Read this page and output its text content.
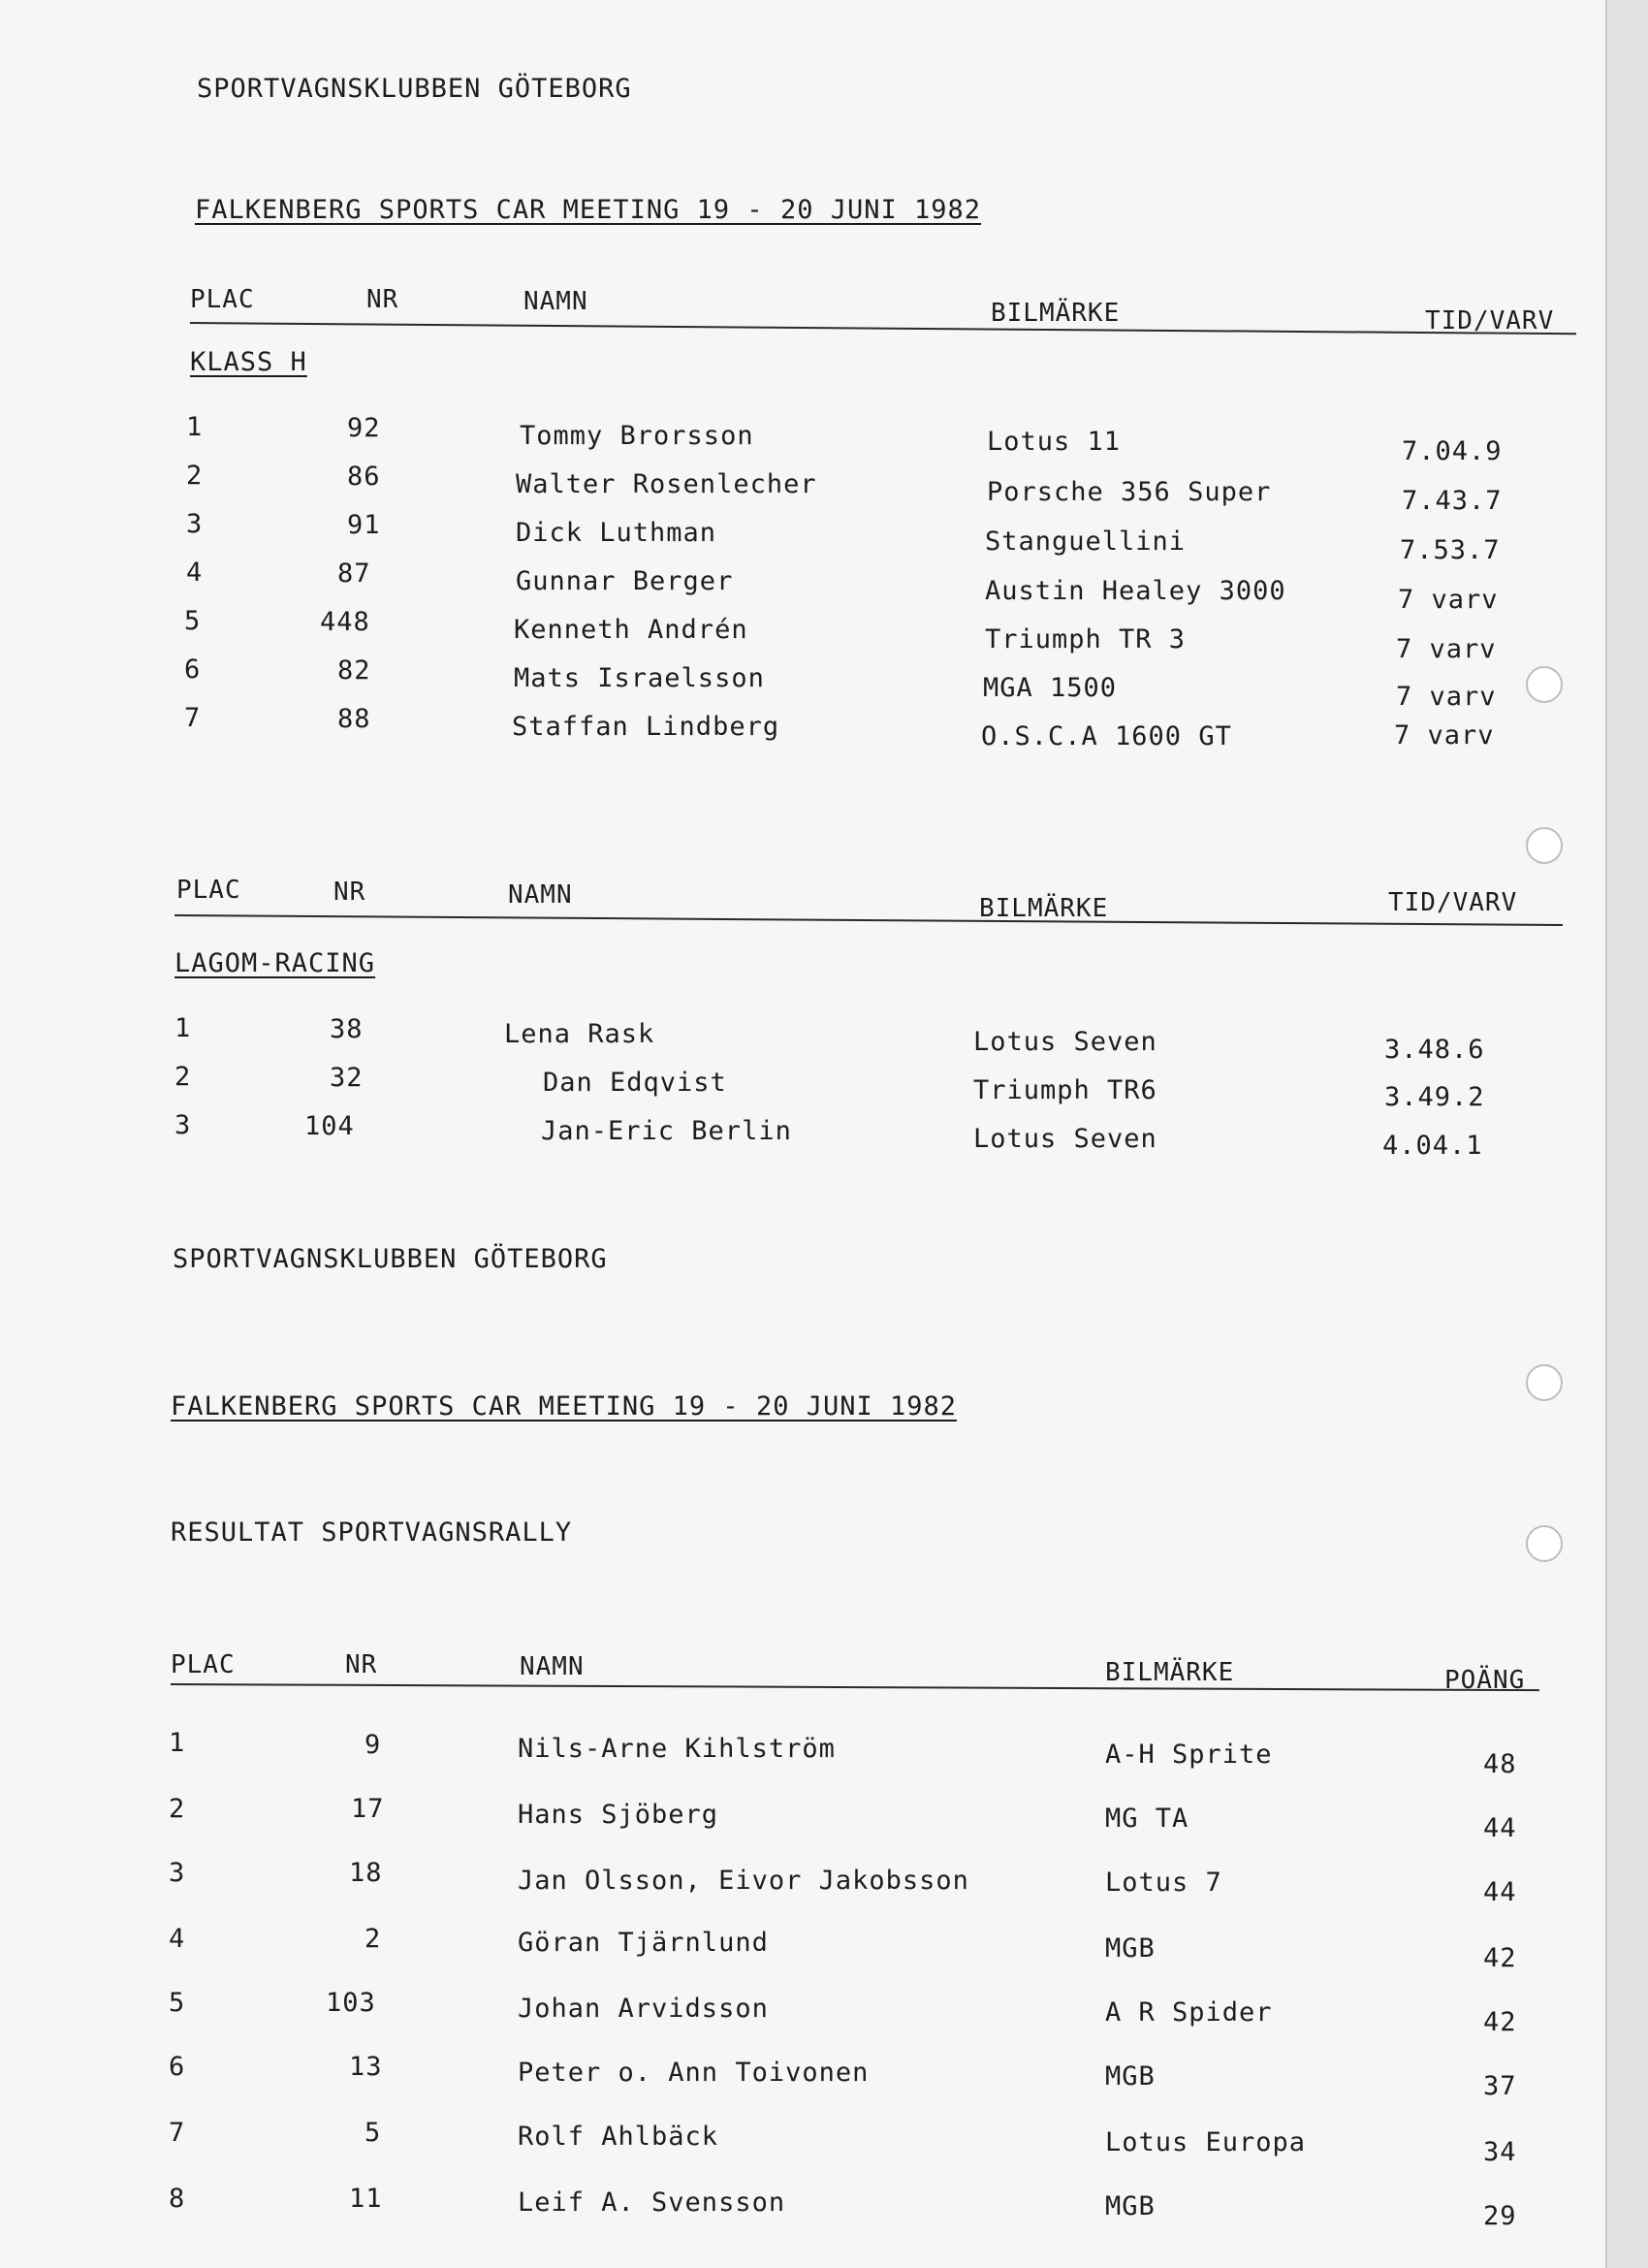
SPORTVAGNSKLUBBEN GÖTEBORG
FALKENBERG SPORTS CAR MEETING 19 - 20 JUNI 1982
PLAC	NR	NAMN	BILMÄRKE	TID/VARV
KLASS H
1	92	Tommy Brorsson	Lotus 11	7.04.9
2	86	Walter Rosenlecher	Porsche 356 Super	7.43.7
3	91	Dick Luthman	Stanguellini	7.53.7
4	87	Gunnar Berger	Austin Healey 3000	7 varv
5	448	Kenneth Andrén	Triumph TR 3	7 varv
6	82	Mats Israelsson	MGA 1500	7 varv
7	88	Staffan Lindberg	O.S.C.A 1600 GT	7 varv
PLAC	NR	NAMN	BILMÄRKE	TID/VARV
LAGOM-RACING
1	38	Lena Rask	Lotus Seven	3.48.6
2	32	Dan Edqvist	Triumph TR6	3.49.2
3	104	Jan-Eric Berlin	Lotus Seven	4.04.1
SPORTVAGNSKLUBBEN GÖTEBORG
FALKENBERG SPORTS CAR MEETING 19 - 20 JUNI 1982
RESULTAT SPORTVAGNSRALLY
PLAC	NR	NAMN	BILMÄRKE	POÄNG
1	9	Nils-Arne Kihlström	A-H Sprite	48
2	17	Hans Sjöberg	MG TA	44
3	18	Jan Olsson, Eivor Jakobsson	Lotus 7	44
4	2	Göran Tjärnlund	MGB	42
5	103	Johan Arvidsson	A R Spider	42
6	13	Peter o. Ann Toivonen	MGB	37
7	5	Rolf Ahlbäck	Lotus Europa	34
8	11	Leif A. Svensson	MGB	29
